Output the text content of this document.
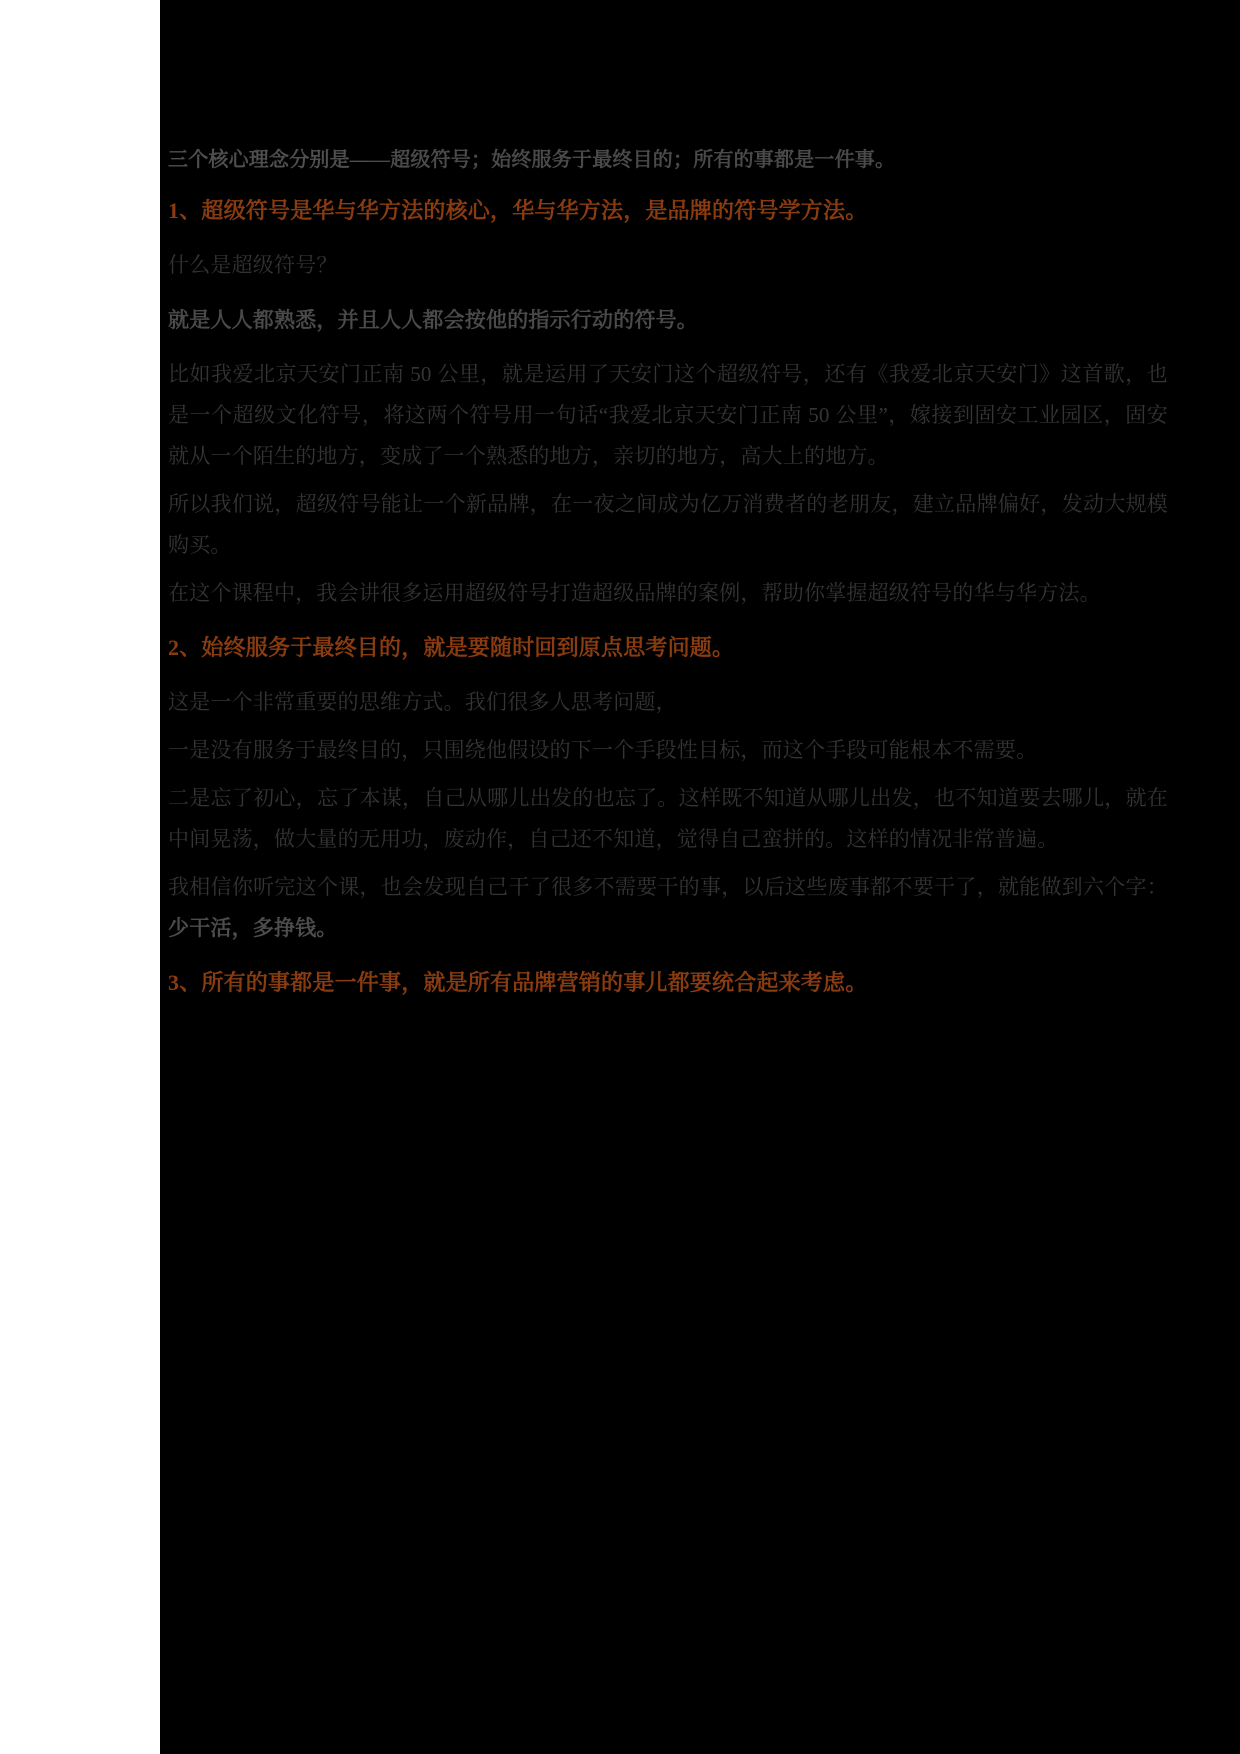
三个核心理念分别是——超级符号；始终服务于最终目的；所有的事都是一件事。

1、超级符号是华与华方法的核心，华与华方法，是品牌的符号学方法。

什么是超级符号？

就是人人都熟悉，并且人人都会按他的指示行动的符号。

比如我爱北京天安门正南 50 公里，就是运用了天安门这个超级符号，还有《我爱北京天安门》这首歌，也是一个超级文化符号，将这两个符号用一句话“我爱北京天安门正南 50 公里”，嫁接到固安工业园区，固安就从一个陌生的地方，变成了一个熟悉的地方，亲切的地方，高大上的地方。

所以我们说，超级符号能让一个新品牌，在一夜之间成为亿万消费者的老朋友，建立品牌偏好，发动大规模购买。

在这个课程中，我会讲很多运用超级符号打造超级品牌的案例，帮助你掌握超级符号的华与华方法。

2、始终服务于最终目的，就是要随时回到原点思考问题。

这是一个非常重要的思维方式。我们很多人思考问题，

一是没有服务于最终目的，只围绕他假设的下一个手段性目标，而这个手段可能根本不需要。

二是忘了初心，忘了本谋，自己从哪儿出发的也忘了。这样既不知道从哪儿出发，也不知道要去哪儿，就在中间晃荡，做大量的无用功，废动作，自己还不知道，觉得自己蛮拼的。这样的情况非常普遍。

我相信你听完这个课，也会发现自己干了很多不需要干的事，以后这些废事都不要干了，就能做到六个字：少干活，多挣钱。

3、所有的事都是一件事，就是所有品牌营销的事儿都要统合起来考虑。
